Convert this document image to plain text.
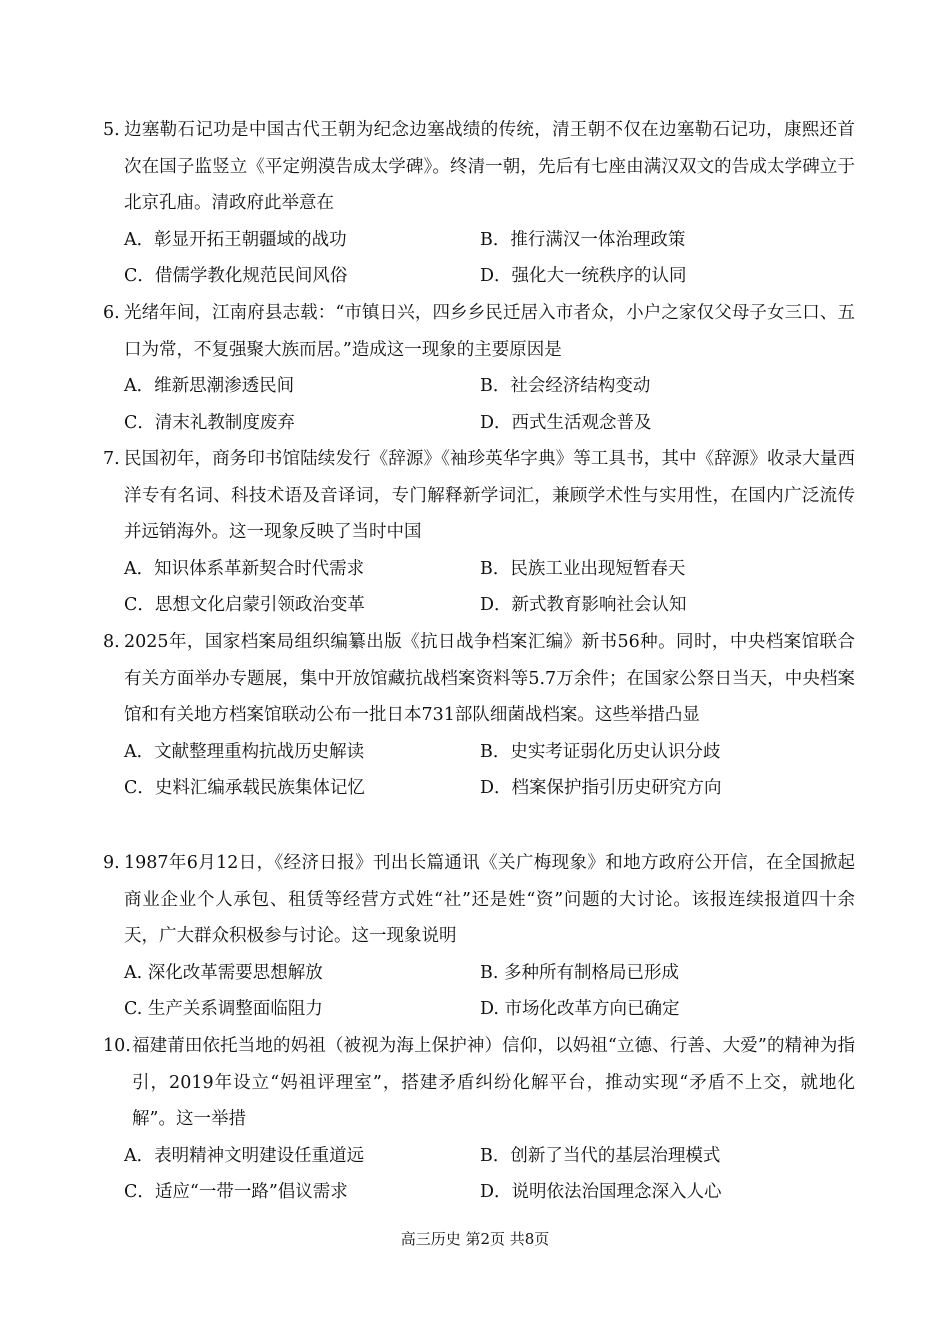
5. 边塞勒石记功是中国古代王朝为纪念边塞战绩的传统，清王朝不仅在边塞勒石记功，康熙还首次在国子监竖立《平定朔漠告成太学碑》。终清一朝，先后有七座由满汉双文的告成太学碑立于北京孔庙。清政府此举意在
A．彰显开拓王朝疆域的战功	B．推行满汉一体治理政策
C．借儒学教化规范民间风俗	D．强化大一统秩序的认同
6. 光绪年间，江南府县志载：“市镇日兴，四乡乡民迁居入市者众，小户之家仅父母子女三口、五口为常，不复强聚大族而居。”造成这一现象的主要原因是
A．维新思潮渗透民间	B．社会经济结构变动
C．清末礼教制度废弃	D．西式生活观念普及
7. 民国初年，商务印书馆陆续发行《辞源》《袖珍英华字典》等工具书，其中《辞源》收录大量西洋专有名词、科技术语及音译词，专门解释新学词汇，兼顾学术性与实用性，在国内广泛流传并远销海外。这一现象反映了当时中国
A．知识体系革新契合时代需求	B．民族工业出现短暂春天
C．思想文化启蒙引领政治变革	D．新式教育影响社会认知
8. 2025年，国家档案局组织编纂出版《抗日战争档案汇编》新书56种。同时，中央档案馆联合有关方面举办专题展，集中开放馆藏抗战档案资料等5.7万余件；在国家公祭日当天，中央档案馆和有关地方档案馆联动公布一批日本731部队细菌战档案。这些举措凸显
A．文献整理重构抗战历史解读	B．史实考证弱化历史认识分歧
C．史料汇编承载民族集体记忆	D．档案保护指引历史研究方向
9. 1987年6月12日，《经济日报》刊出长篇通讯《关广梅现象》和地方政府公开信，在全国掀起商业企业个人承包、租赁等经营方式姓“社”还是姓“资”问题的大讨论。该报连续报道四十余天，广大群众积极参与讨论。这一现象说明
A. 深化改革需要思想解放	B. 多种所有制格局已形成
C. 生产关系调整面临阻力	D. 市场化改革方向已确定
10. 福建莆田依托当地的妈祖（被视为海上保护神）信仰，以妈祖“立德、行善、大爱”的精神为指引，2019年设立“妈祖评理室”，搭建矛盾纠纷化解平台，推动实现“矛盾不上交，就地化解”。这一举措
A．表明精神文明建设任重道远	B．创新了当代的基层治理模式
C．适应“一带一路”倡议需求	D．说明依法治国理念深入人心
高三历史 第2页 共8页
